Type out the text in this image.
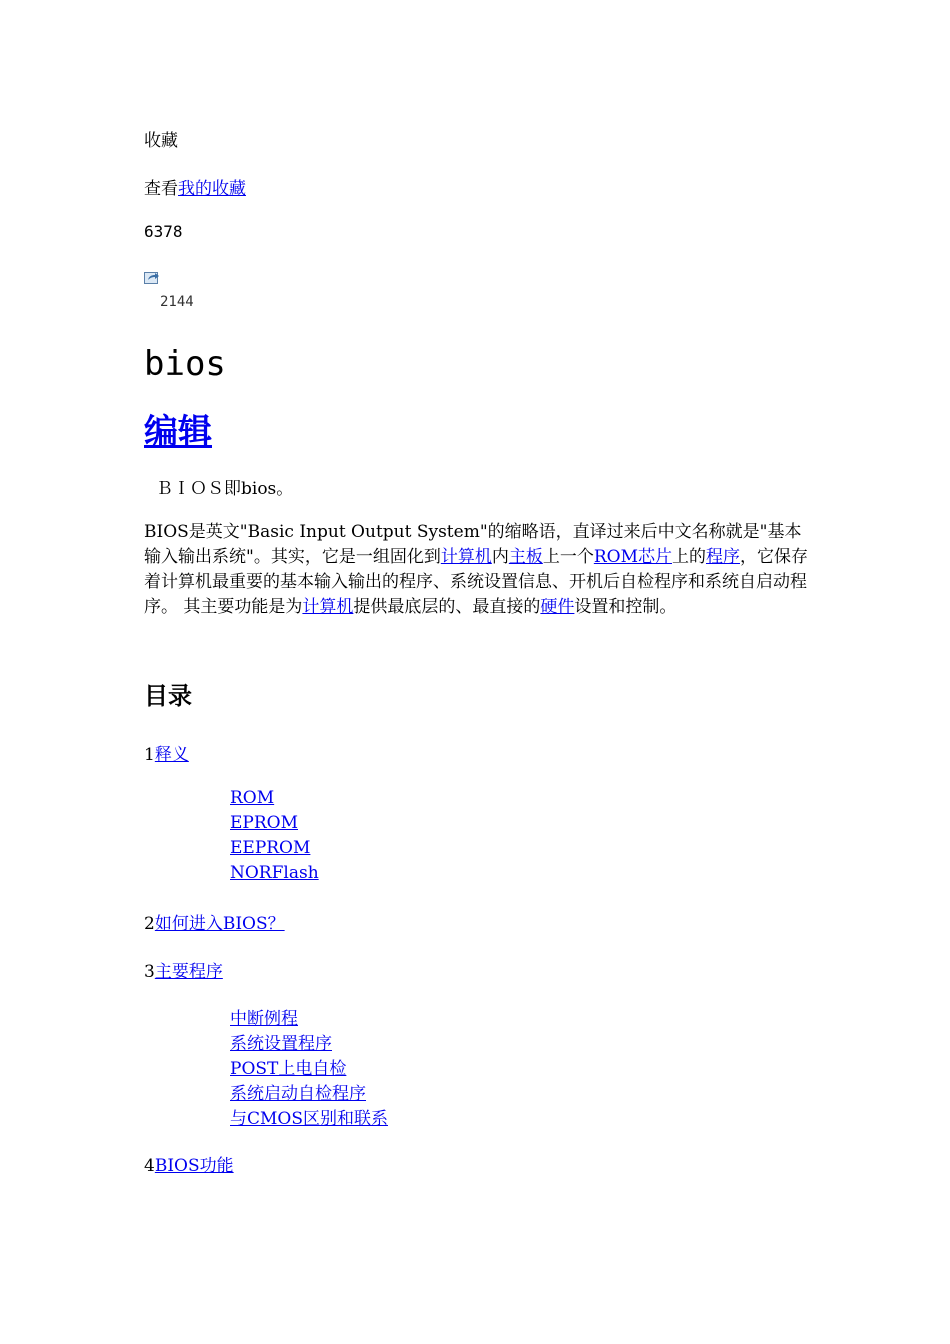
收藏
查看我的收藏
6378
2144
bios
编辑
ＢＩＯＳ即bios。
BIOS是英文"Basic Input Output System"的缩略语，直译过来后中文名称就是"基本输入输出系统"。其实，它是一组固化到计算机内主板上一个ROM芯片上的程序，它保存着计算机最重要的基本输入输出的程序、系统设置信息、开机后自检程序和系统自启动程序。 其主要功能是为计算机提供最底层的、最直接的硬件设置和控制。
目录
1释义
ROM
EPROM
EEPROM
NORFlash
2如何进入BIOS？
3主要程序
中断例程
系统设置程序
POST上电自检
系统启动自检程序
与CMOS区别和联系
4BIOS功能
